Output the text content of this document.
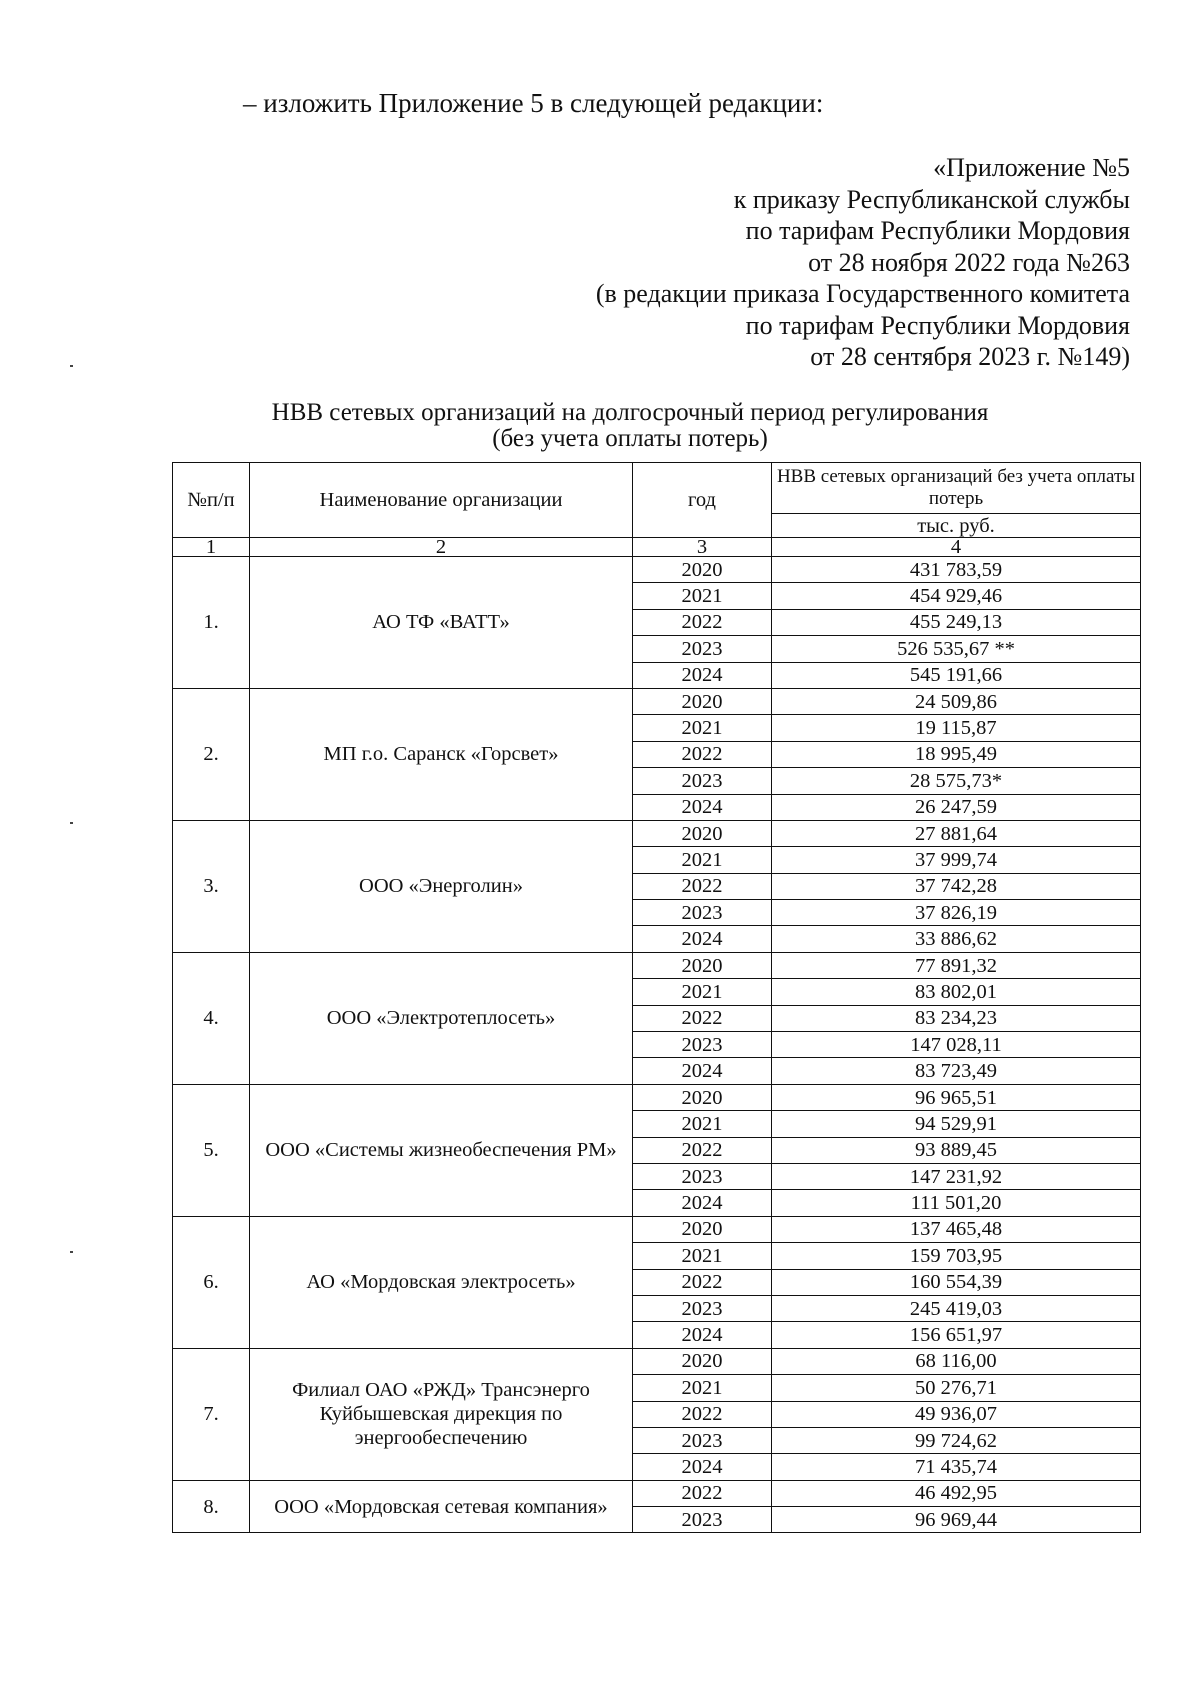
– изложить Приложение 5 в следующей редакции:
«Приложение №5
к приказу Республиканской службы
по тарифам Республики Мордовия
от 28 ноября 2022 года №263
(в редакции приказа Государственного комитета
по тарифам Республики Мордовия
от 28 сентября 2023 г. №149)
НВВ сетевых организаций на долгосрочный период регулирования
(без учета оплаты потерь)
№п/п	Наименование организации	год	НВВ сетевых организаций без учета оплаты потерь
			тыс. руб.
1	2	3	4
1.	АО ТФ «ВАТТ»	2020	431 783,59
		2021	454 929,46
		2022	455 249,13
		2023	526 535,67 **
		2024	545 191,66
2.	МП г.о. Саранск «Горсвет»	2020	24 509,86
		2021	19 115,87
		2022	18 995,49
		2023	28 575,73*
		2024	26 247,59
3.	ООО «Энерголин»	2020	27 881,64
		2021	37 999,74
		2022	37 742,28
		2023	37 826,19
		2024	33 886,62
4.	ООО «Электротеплосеть»	2020	77 891,32
		2021	83 802,01
		2022	83 234,23
		2023	147 028,11
		2024	83 723,49
5.	ООО «Системы жизнеобеспечения РМ»	2020	96 965,51
		2021	94 529,91
		2022	93 889,45
		2023	147 231,92
		2024	111 501,20
6.	АО «Мордовская электросеть»	2020	137 465,48
		2021	159 703,95
		2022	160 554,39
		2023	245 419,03
		2024	156 651,97
7.	Филиал ОАО «РЖД» Трансэнерго Куйбышевская дирекция по энергообеспечению	2020	68 116,00
		2021	50 276,71
		2022	49 936,07
		2023	99 724,62
		2024	71 435,74
8.	ООО «Мордовская сетевая компания»	2022	46 492,95
		2023	96 969,44
